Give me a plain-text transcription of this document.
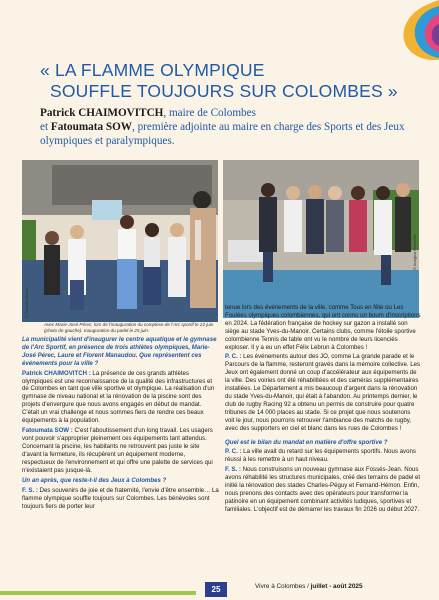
« LA FLAMME OLYMPIQUE
SOUFFLE TOUJOURS SUR COLOMBES »
Patrick CHAIMOVITCH, maire de Colombes
et Fatoumata SOW, première adjointe au maire en charge des Sports et des Jeux olympiques et paralympiques.
© Pascale Berne
© Imagica Retouche
Avec Marie-José Pérec, lors de l'inauguration du complexe de l'Arc sportif le 22 juin (photo de gauche). Inauguration du padel le 25 juin.

La municipalité vient d'inaugurer le centre aquatique et le gymnase de l'Arc Sportif, en présence de trois athlètes olympiques, Marie-José Pérec, Laure et Florent Manaudou. Que représentent ces événements pour la ville ?

Patrick CHAIMOVITCH : La présence de ces grands athlètes olympiques est une reconnaissance de la qualité des infrastructures et de Colombes en tant que ville sportive et olympique. La réalisation d'un gymnase de niveau national et la rénovation de la piscine sont des projets d'envergure que nous avons engagés en début de mandat. C'était un vrai challenge et nous sommes fiers de rendre ces beaux équipements à la population.

Fatoumata SOW : C'est l'aboutissement d'un long travail. Les usagers vont pouvoir s'approprier pleinement ces équipements tant attendus. Concernant la piscine, les habitants ne retrouvent pas juste le site d'avant la fermeture, ils récupèrent un équipement moderne, respectueux de l'environnement et qui offre une palette de services qui n'existaient pas jusque-là.

Un an après, que reste-t-il des Jeux à Colombes ?

F. S. : Des souvenirs de joie et de fraternité, l'envie d'être ensemble… La flamme olympique souffle toujours sur Colombes. Les bénévoles sont toujours fiers de porter leur

tenue lors des événements de la ville, comme Tous en fête ou Les Foulées olympiques colombiennes, qui ont connu un boum d'inscriptions en 2024. La fédération française de hockey sur gazon a installé son siège au stade Yves-du-Manoir. Certains clubs, comme l'étoile sportive colombienne Tennis de table ont vu le nombre de leurs licenciés exploser. Il y a eu un effet Félix Lebrun à Colombes !

P. C. : Les événements autour des JO, comme La grande parade et le Parcours de la flamme, resteront gravés dans la mémoire collective. Les Jeux ont également donné un coup d'accélérateur aux équipements de la ville. Des voiries ont été réhabilitées et des caméras supplémentaires installées. Le Département a mis beaucoup d'argent dans la rénovation du stade Yves-du-Manoir, qui était à l'abandon. Au printemps dernier, le club de rugby Racing 92 a obtenu un permis de construire pour quatre tribunes de 14 000 places au stade. Si ce projet que nous soutenons voit le jour, nous pourrons retrouver l'ambiance des matchs de rugby, avec des supporters en ciel et blanc dans les rues de Colombes !

Quel est le bilan du mandat en matière d'offre sportive ?

P. C. : La ville avait du retard sur les équipements sportifs. Nous avons réussi à les remettre à un haut niveau.

F. S. : Nous construisons un nouveau gymnase aux Fossés-Jean. Nous avons réhabilité les structures municipales, créé des terrains de padel et initié la rénovation des stades Charles-Péguy et Fernand-Hémon. Enfin, nous prenons des contacts avec des opérateurs pour transformer la patinoire en un équipement combinant activités ludiques, sportives et familiales. L'objectif est de démarrer les travaux fin 2026 ou début 2027.

25	Vivre à Colombes / juillet - août 2025
